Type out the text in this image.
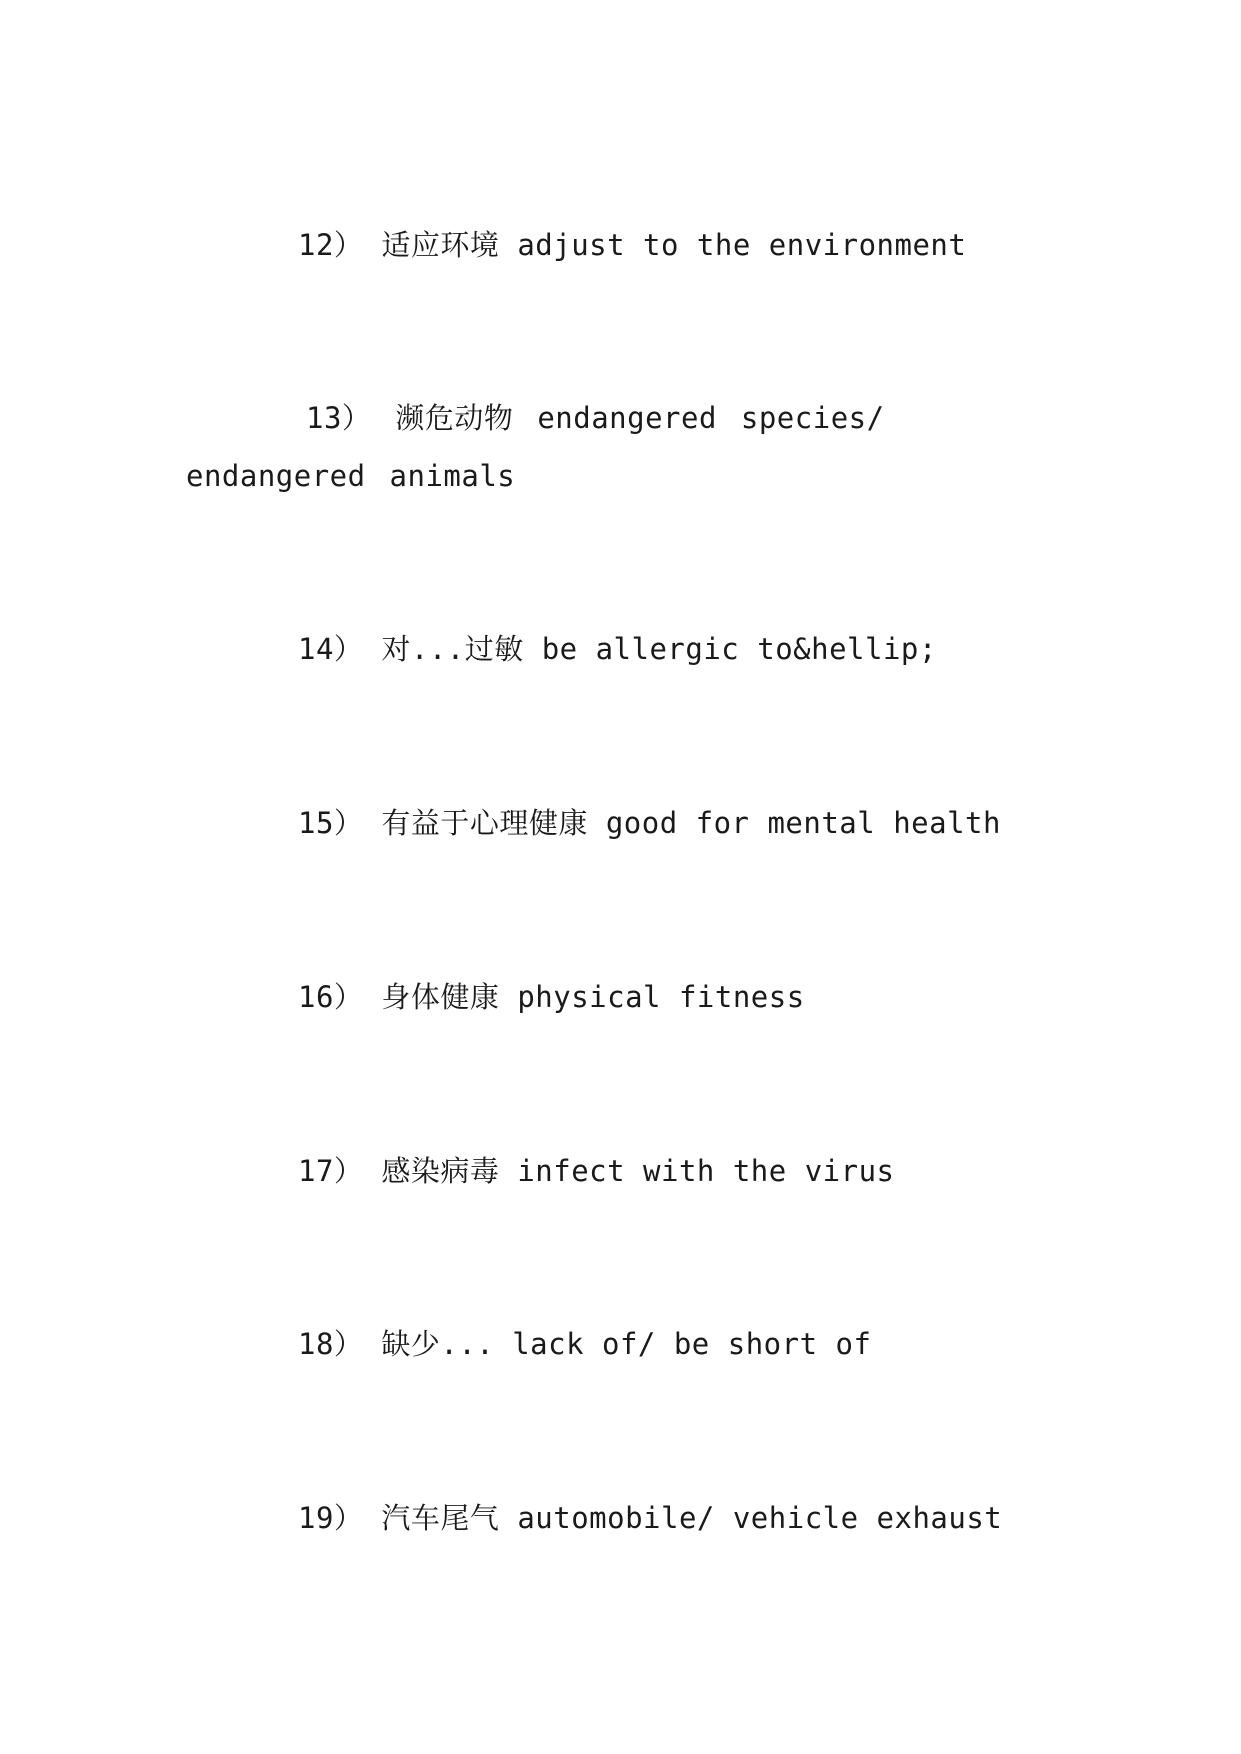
12） 适应环境 adjust to the environment
13） 濒危动物 endangered species/ endangered animals
14） 对...过敏 be allergic to&hellip;
15） 有益于心理健康 good for mental health
16） 身体健康 physical fitness
17） 感染病毒 infect with the virus
18） 缺少... lack of/ be short of
19） 汽车尾气 automobile/ vehicle exhaust
